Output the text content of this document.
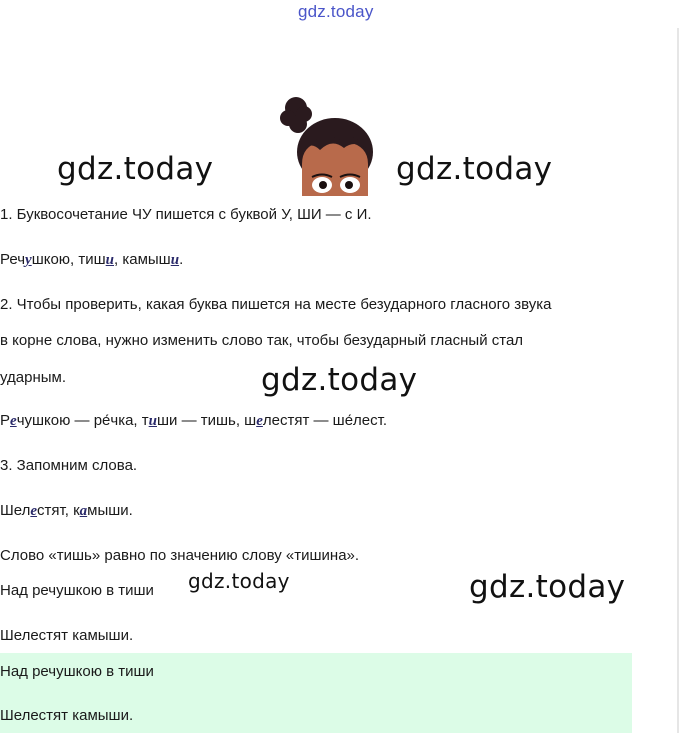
gdz.today
gdz.today	gdz.today
1. Буквосочетание ЧУ пишется с буквой У, ШИ — с И.
Речушкою, тиши, камыши.
2. Чтобы проверить, какая буква пишется на месте безударного гласного звука
в корне слова, нужно изменить слово так, чтобы безударный гласный стал
ударным.	gdz.today
Речушкою — ре́чка, тиши — тишь, шелестят — ше́лест.
3. Запомним слова.
Шелестят, камыши.
Слово «тишь» равно по значению слову «тишина».
Над речушкою в тиши gdz.today	gdz.today
Шелестят камыши.
Над речушкою в тиши
Шелестят камыши.
